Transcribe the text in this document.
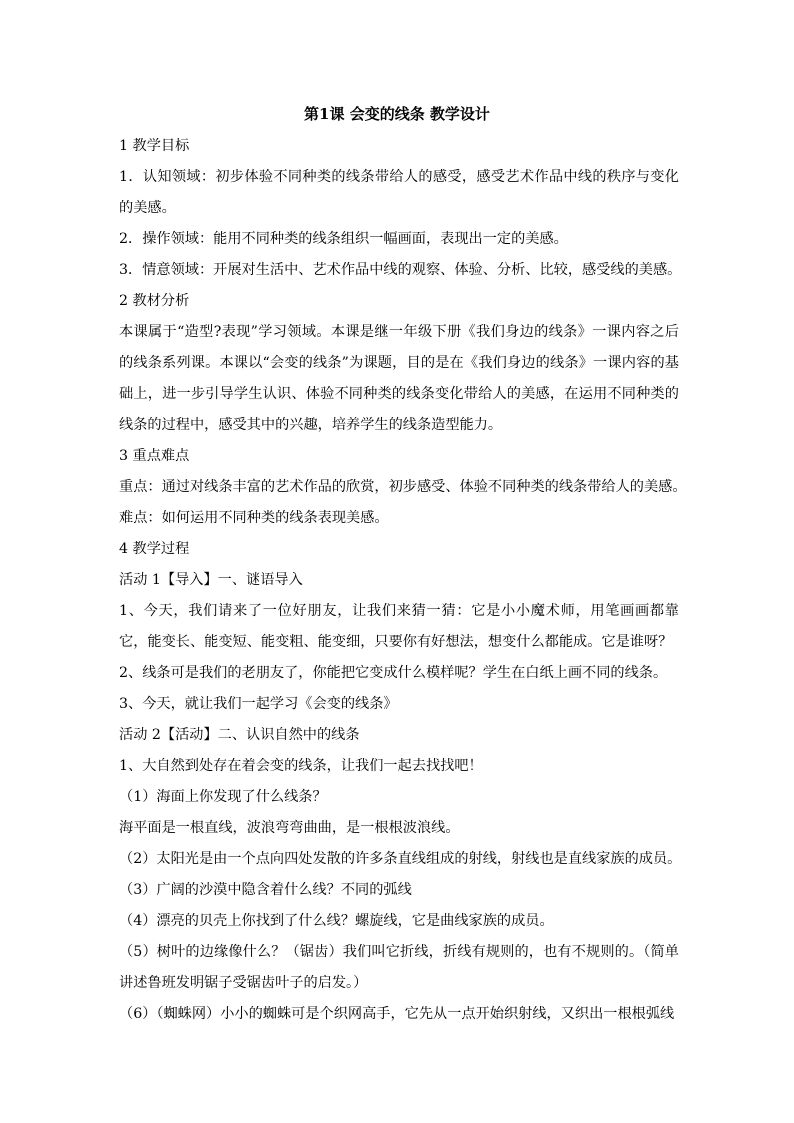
第1课 会变的线条 教学设计

1 教学目标

1．认知领域：初步体验不同种类的线条带给人的感受，感受艺术作品中线的秩序与变化的美感。

2．操作领域：能用不同种类的线条组织一幅画面，表现出一定的美感。

3．情意领域：开展对生活中、艺术作品中线的观察、体验、分析、比较，感受线的美感。

2 教材分析

本课属于“造型?表现”学习领域。本课是继一年级下册《我们身边的线条》一课内容之后的线条系列课。本课以“会变的线条”为课题，目的是在《我们身边的线条》一课内容的基础上，进一步引导学生认识、体验不同种类的线条变化带给人的美感，在运用不同种类的线条的过程中，感受其中的兴趣，培养学生的线条造型能力。

3 重点难点

重点：通过对线条丰富的艺术作品的欣赏，初步感受、体验不同种类的线条带给人的美感。

难点：如何运用不同种类的线条表现美感。

4 教学过程

活动 1【导入】一、谜语导入

1、今天，我们请来了一位好朋友，让我们来猜一猜：它是小小魔术师，用笔画画都靠它，能变长、能变短、能变粗、能变细，只要你有好想法，想变什么都能成。它是谁呀？

2、线条可是我们的老朋友了，你能把它变成什么模样呢？学生在白纸上画不同的线条。

3、今天，就让我们一起学习《会变的线条》

活动 2【活动】二、认识自然中的线条

1、大自然到处存在着会变的线条，让我们一起去找找吧！

（1）海面上你发现了什么线条？

海平面是一根直线，波浪弯弯曲曲，是一根根波浪线。

（2）太阳光是由一个点向四处发散的许多条直线组成的射线，射线也是直线家族的成员。

（3）广阔的沙漠中隐含着什么线？不同的弧线

（4）漂亮的贝壳上你找到了什么线？螺旋线，它是曲线家族的成员。

（5）树叶的边缘像什么？（锯齿）我们叫它折线，折线有规则的，也有不规则的。（简单讲述鲁班发明锯子受锯齿叶子的启发。）

（6）（蜘蛛网）小小的蜘蛛可是个织网高手，它先从一点开始织射线，又织出一根根弧线
